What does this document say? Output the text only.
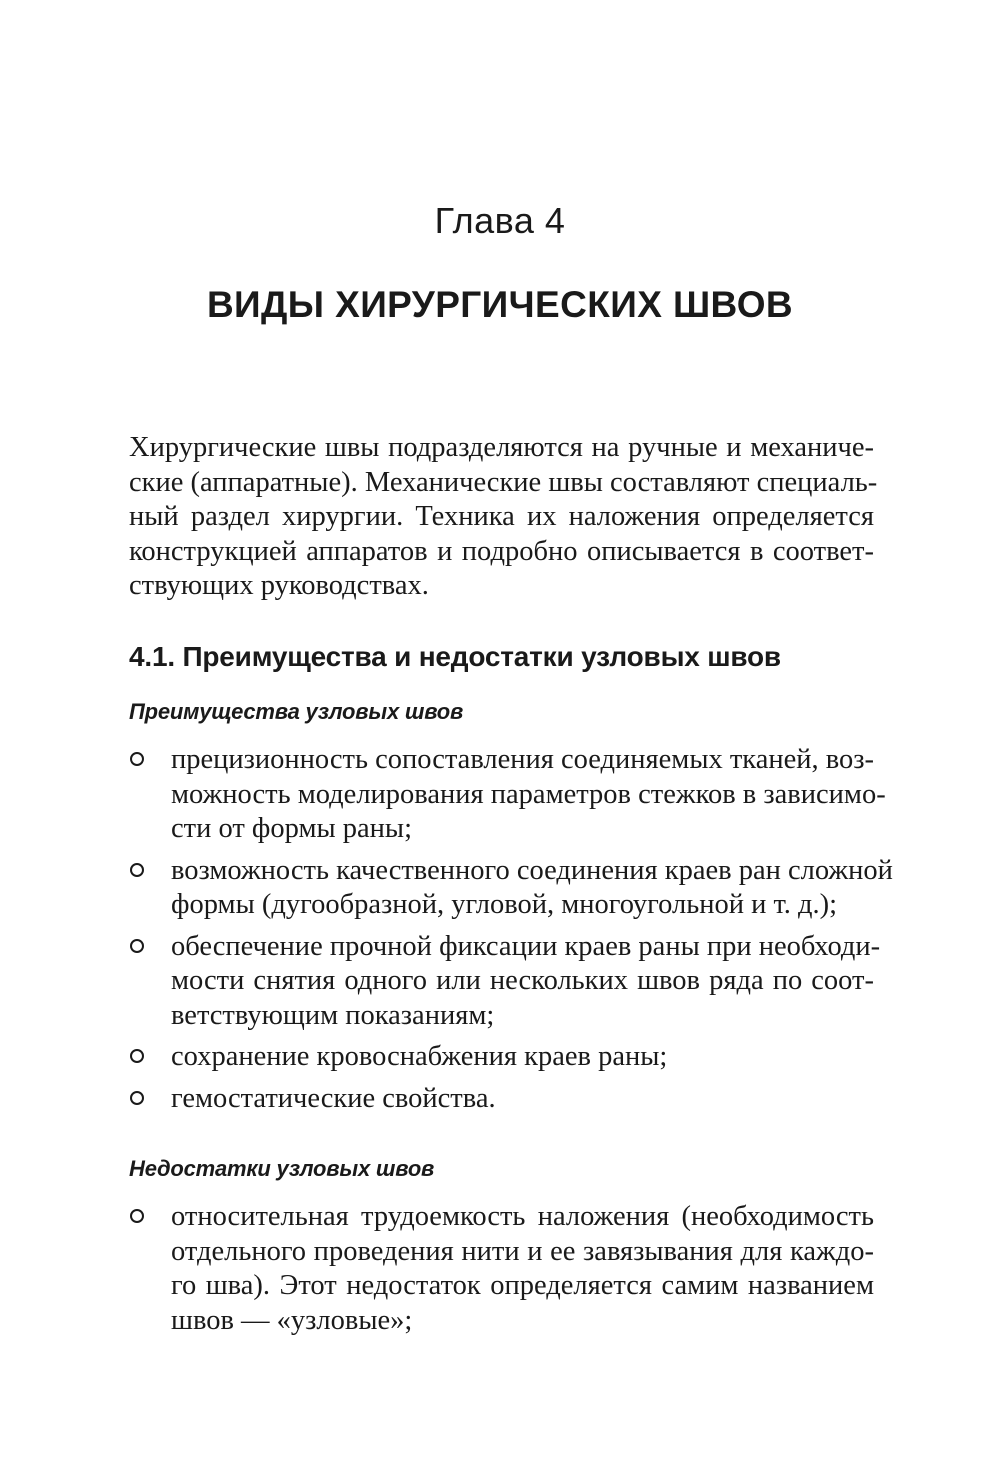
Глава 4
ВИДЫ ХИРУРГИЧЕСКИХ ШВОВ
Хирургические швы подразделяются на ручные и механиче-
ские (аппаратные). Механические швы составляют специаль-
ный раздел хирургии. Техника их наложения определяется
конструкцией аппаратов и подробно описывается в соответ-
ствующих руководствах.
4.1. Преимущества и недостатки узловых швов
Преимущества узловых швов
прецизионность сопоставления соединяемых тканей, воз-
можность моделирования параметров стежков в зависимо-
сти от формы раны;
возможность качественного соединения краев ран сложной
формы (дугообразной, угловой, многоугольной и т. д.);
обеспечение прочной фиксации краев раны при необходи-
мости снятия одного или нескольких швов ряда по соот-
ветствующим показаниям;
сохранение кровоснабжения краев раны;
гемостатические свойства.
Недостатки узловых швов
относительная трудоемкость наложения (необходимость
отдельного проведения нити и ее завязывания для каждо-
го шва). Этот недостаток определяется самим названием
швов — «узловые»;
